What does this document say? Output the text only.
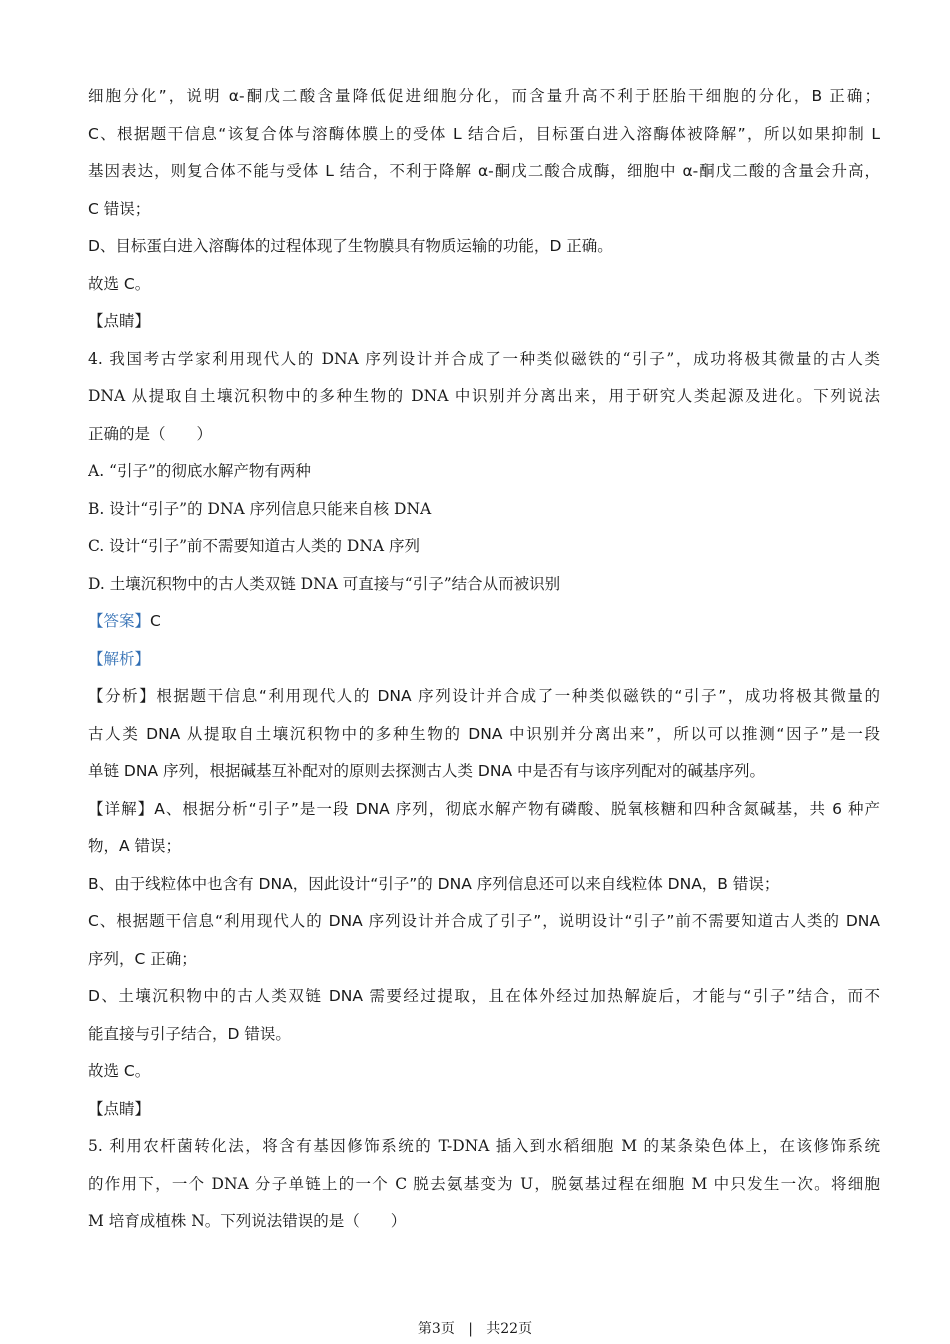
细胞分化”，说明 α-酮戊二酸含量降低促进细胞分化，而含量升高不利于胚胎干细胞的分化，B 正确；
C、根据题干信息“该复合体与溶酶体膜上的受体 L 结合后，目标蛋白进入溶酶体被降解”，所以如果抑制 L
基因表达，则复合体不能与受体 L 结合，不利于降解 α-酮戊二酸合成酶，细胞中 α-酮戊二酸的含量会升高，
C 错误；
D、目标蛋白进入溶酶体的过程体现了生物膜具有物质运输的功能，D 正确。
故选 C。
【点睛】
4. 我国考古学家利用现代人的 DNA 序列设计并合成了一种类似磁铁的“引子”，成功将极其微量的古人类
DNA 从提取自土壤沉积物中的多种生物的 DNA 中识别并分离出来，用于研究人类起源及进化。下列说法
正确的是（　　）
A. “引子”的彻底水解产物有两种
B. 设计“引子”的 DNA 序列信息只能来自核 DNA
C. 设计“引子”前不需要知道古人类的 DNA 序列
D. 土壤沉积物中的古人类双链 DNA 可直接与“引子”结合从而被识别
【答案】C
【解析】
【分析】根据题干信息“利用现代人的 DNA 序列设计并合成了一种类似磁铁的“引子”，成功将极其微量的
古人类 DNA 从提取自土壤沉积物中的多种生物的 DNA 中识别并分离出来”，所以可以推测“因子”是一段
单链 DNA 序列，根据碱基互补配对的原则去探测古人类 DNA 中是否有与该序列配对的碱基序列。
【详解】A、根据分析“引子”是一段 DNA 序列，彻底水解产物有磷酸、脱氧核糖和四种含氮碱基，共 6 种产
物，A 错误；
B、由于线粒体中也含有 DNA，因此设计“引子”的 DNA 序列信息还可以来自线粒体 DNA，B 错误；
C、根据题干信息“利用现代人的 DNA 序列设计并合成了引子”，说明设计“引子”前不需要知道古人类的 DNA
序列，C 正确；
D、土壤沉积物中的古人类双链 DNA 需要经过提取，且在体外经过加热解旋后，才能与“引子”结合，而不
能直接与引子结合，D 错误。
故选 C。
【点睛】
5. 利用农杆菌转化法，将含有基因修饰系统的 T-DNA 插入到水稻细胞 M 的某条染色体上，在该修饰系统
的作用下，一个 DNA 分子单链上的一个 C 脱去氨基变为 U，脱氨基过程在细胞 M 中只发生一次。将细胞
M 培育成植株 N。下列说法错误的是（　　）
第3页 | 共22页
